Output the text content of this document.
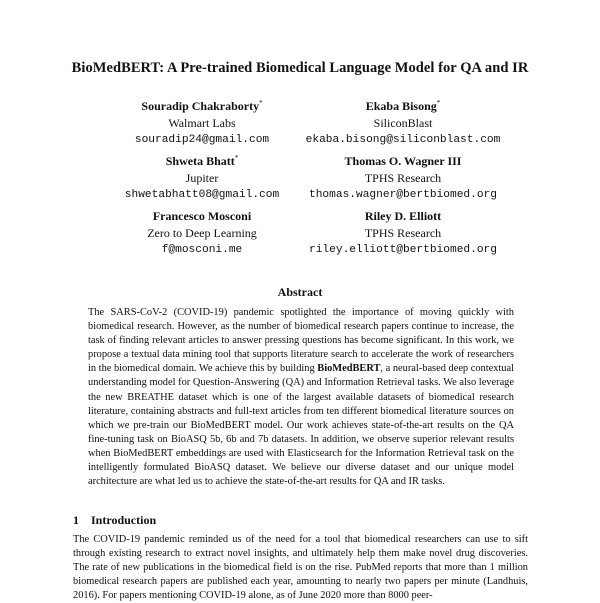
BioMedBERT: A Pre-trained Biomedical Language Model for QA and IR
Souradip Chakraborty*
Walmart Labs
souradip24@gmail.com
Ekaba Bisong*
SiliconBlast
ekaba.bisong@siliconblast.com
Shweta Bhatt*
Jupiter
shwetabhatt08@gmail.com
Thomas O. Wagner III
TPHS Research
thomas.wagner@bertbiomed.org
Francesco Mosconi
Zero to Deep Learning
f@mosconi.me
Riley D. Elliott
TPHS Research
riley.elliott@bertbiomed.org
Abstract
The SARS-CoV-2 (COVID-19) pandemic spotlighted the importance of moving quickly with biomedical research. However, as the number of biomedical research papers continue to increase, the task of finding relevant articles to answer pressing questions has become significant. In this work, we propose a textual data mining tool that supports literature search to accelerate the work of researchers in the biomedical domain. We achieve this by building BioMedBERT, a neural-based deep contextual understanding model for Question-Answering (QA) and Information Retrieval tasks. We also leverage the new BREATHE dataset which is one of the largest available datasets of biomedical research literature, containing abstracts and full-text articles from ten different biomedical literature sources on which we pre-train our BioMedBERT model. Our work achieves state-of-the-art results on the QA fine-tuning task on BioASQ 5b, 6b and 7b datasets. In addition, we observe superior relevant results when BioMedBERT embeddings are used with Elasticsearch for the Information Retrieval task on the intelligently formulated BioASQ dataset. We believe our diverse dataset and our unique model architecture are what led us to achieve the state-of-the-art results for QA and IR tasks.
1 Introduction
The COVID-19 pandemic reminded us of the need for a tool that biomedical researchers can use to sift through existing research to extract novel insights, and ultimately help them make novel drug discoveries. The rate of new publications in the biomedical field is on the rise. PubMed reports that more than 1 million biomedical research papers are published each year, amounting to nearly two papers per minute (Landhuis, 2016). For papers mentioning COVID-19 alone, as of June 2020 more than 8000 peer-
